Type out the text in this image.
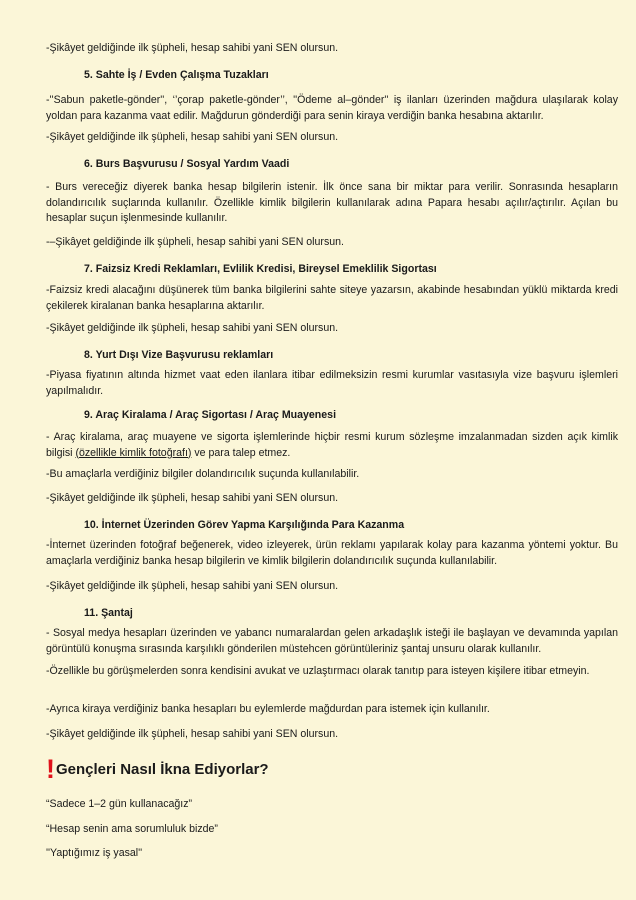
-Şikâyet geldiğinde ilk şüpheli, hesap sahibi yani SEN olursun.

5. Sahte İş / Evden Çalışma Tuzakları

-''Sabun paketle-gönder'', ‘’çorap paketle-gönder’’, ''Ödeme al–gönder'' iş ilanları üzerinden mağdura ulaşılarak kolay yoldan para kazanma vaat edilir. Mağdurun gönderdiği para senin kiraya verdiğin banka hesabına aktarılır.

-Şikâyet geldiğinde ilk şüpheli, hesap sahibi yani SEN olursun.

6. Burs Başvurusu / Sosyal Yardım Vaadi

- Burs vereceğiz diyerek banka hesap bilgilerin istenir. İlk önce sana bir miktar para verilir. Sonrasında hesapların dolandırıcılık suçlarında kullanılır. Özellikle kimlik bilgilerin kullanılarak adına Papara hesabı açılır/açtırılır. Açılan bu hesaplar suçun işlenmesinde kullanılır.

-–Şikâyet geldiğinde ilk şüpheli, hesap sahibi yani SEN olursun.

7. Faizsiz Kredi Reklamları, Evlilik Kredisi, Bireysel Emeklilik Sigortası

-Faizsiz kredi alacağını düşünerek tüm banka bilgilerini sahte siteye yazarsın, akabinde hesabından yüklü miktarda kredi çekilerek kiralanan banka hesaplarına aktarılır.

-Şikâyet geldiğinde ilk şüpheli, hesap sahibi yani SEN olursun.

8. Yurt Dışı Vize Başvurusu reklamları

-Piyasa fiyatının altında hizmet vaat eden ilanlara itibar edilmeksizin resmi kurumlar vasıtasıyla vize başvuru işlemleri yapılmalıdır.

9. Araç Kiralama / Araç Sigortası / Araç Muayenesi

- Araç kiralama, araç muayene ve sigorta işlemlerinde hiçbir resmi kurum sözleşme imzalanmadan sizden açık kimlik bilgisi (özellikle kimlik fotoğrafı) ve para talep etmez.

-Bu amaçlarla verdiğiniz bilgiler dolandırıcılık suçunda kullanılabilir.

-Şikâyet geldiğinde ilk şüpheli, hesap sahibi yani SEN olursun.

10. İnternet Üzerinden Görev Yapma Karşılığında Para Kazanma

-İnternet üzerinden fotoğraf beğenerek, video izleyerek, ürün reklamı yapılarak kolay para kazanma yöntemi yoktur. Bu amaçlarla verdiğiniz banka hesap bilgilerin ve kimlik bilgilerin dolandırıcılık suçunda kullanılabilir.

-Şikâyet geldiğinde ilk şüpheli, hesap sahibi yani SEN olursun.

11. Şantaj

- Sosyal medya hesapları üzerinden ve yabancı numaralardan gelen arkadaşlık isteği ile başlayan ve devamında yapılan görüntülü konuşma sırasında karşılıklı gönderilen müstehcen görüntüleriniz şantaj unsuru olarak kullanılır.

-Özellikle bu görüşmelerden sonra kendisini avukat ve uzlaştırmacı olarak tanıtıp para isteyen kişilere itibar etmeyin.

-Ayrıca kiraya verdiğiniz banka hesapları bu eylemlerde mağdurdan para istemek için kullanılır.

-Şikâyet geldiğinde ilk şüpheli, hesap sahibi yani SEN olursun.

!Gençleri Nasıl İkna Ediyorlar?

“Sadece 1–2 gün kullanacağız”

“Hesap senin ama sorumluluk bizde”

''Yaptığımız iş yasal''
